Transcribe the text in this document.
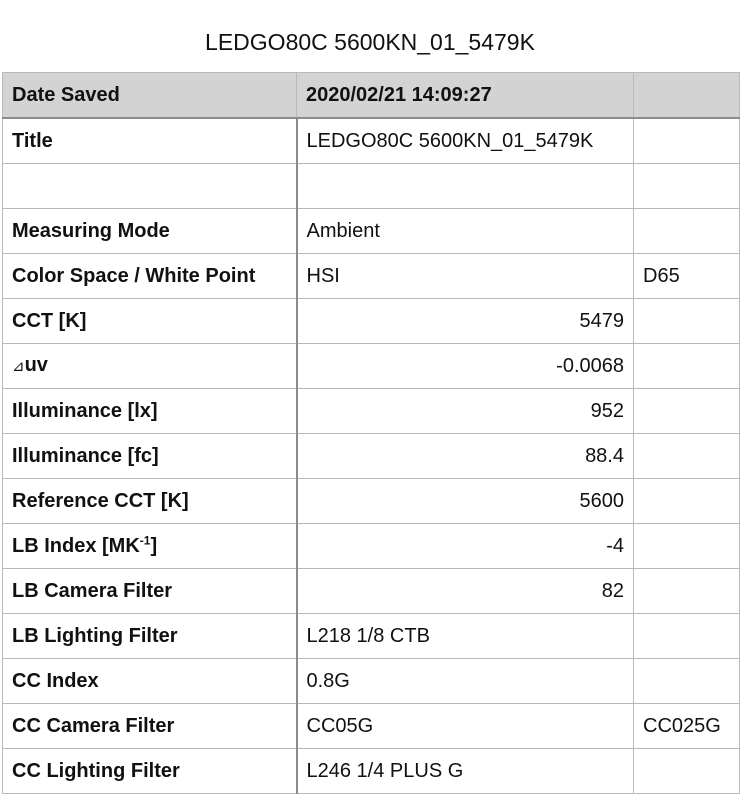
LEDGO80C 5600KN_01_5479K
Date Saved	2020/02/21 14:09:27	
Title	LEDGO80C 5600KN_01_5479K	

Measuring Mode	Ambient	
Color Space / White Point	HSI	D65
CCT [K]	5479	
⊿uv	-0.0068	
Illuminance [lx]	952	
Illuminance [fc]	88.4	
Reference CCT [K]	5600	
LB Index $[MK^{-1}]$	-4	
LB Camera Filter	82	
LB Lighting Filter	L218 1/8 CTB	
CC Index	0.8G	
CC Camera Filter	CC05G	CC025G
CC Lighting Filter	L246 1/4 PLUS G	
